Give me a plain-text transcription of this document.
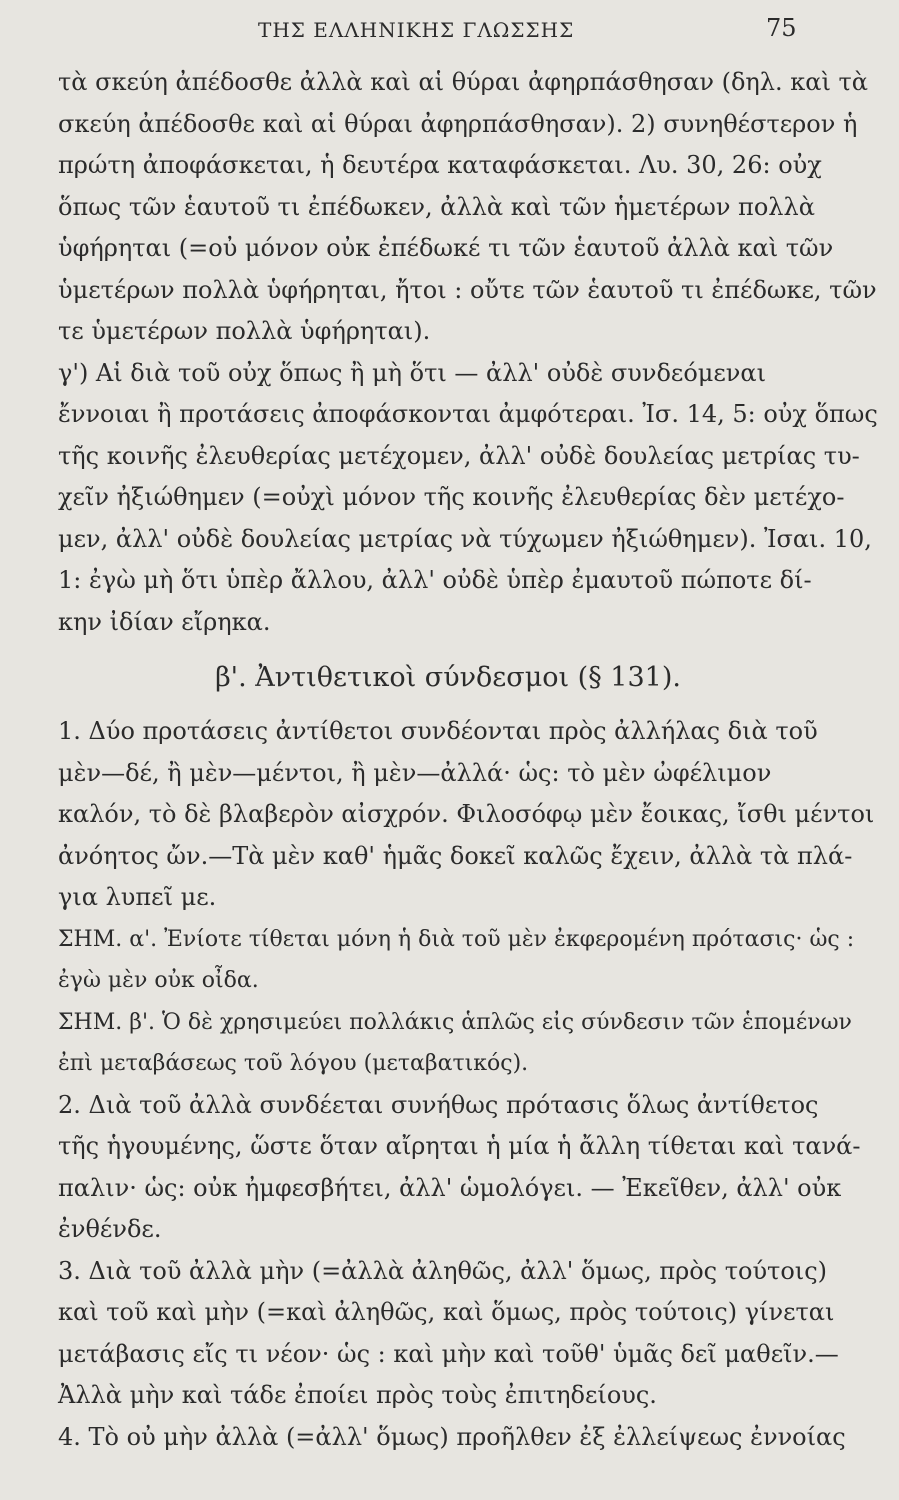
ΤΗΣ ΕΛΛΗΝΙΚΗΣ ΓΛΩΣΣΗΣ	75
τὰ σκεύη ἀπέδοσθε ἀλλὰ καὶ αἱ θύραι ἀφηρπάσθησαν (δηλ. καὶ τὰ
σκεύη ἀπέδοσθε καὶ αἱ θύραι ἀφηρπάσθησαν). 2) συνηθέστερον ἡ
πρώτη ἀποφάσκεται, ἡ δευτέρα καταφάσκεται. Λυ. 30, 26: οὐχ
ὅπως τῶν ἑαυτοῦ τι ἐπέδωκεν, ἀλλὰ καὶ τῶν ἡμετέρων πολλὰ
ὑφήρηται (=οὐ μόνον οὐκ ἐπέδωκέ τι τῶν ἑαυτοῦ ἀλλὰ καὶ τῶν
ὑμετέρων πολλὰ ὑφήρηται, ἤτοι : οὔτε τῶν ἑαυτοῦ τι ἐπέδωκε, τῶν
τε ὑμετέρων πολλὰ ὑφήρηται).
γ') Αἱ διὰ τοῦ οὐχ ὅπως ἢ μὴ ὅτι — ἀλλ' οὐδὲ συνδεόμεναι
ἔννοιαι ἢ προτάσεις ἀποφάσκονται ἀμφότεραι. Ἰσ. 14, 5: οὐχ ὅπως
τῆς κοινῆς ἐλευθερίας μετέχομεν, ἀλλ' οὐδὲ δουλείας μετρίας τυ-
χεῖν ἠξιώθημεν (=οὐχὶ μόνον τῆς κοινῆς ἐλευθερίας δὲν μετέχο-
μεν, ἀλλ' οὐδὲ δουλείας μετρίας νὰ τύχωμεν ἠξιώθημεν). Ἰσαι. 10,
1: ἐγὼ μὴ ὅτι ὑπὲρ ἄλλου, ἀλλ' οὐδὲ ὑπὲρ ἐμαυτοῦ πώποτε δί-
κην ἰδίαν εἴρηκα.
β'. Ἀντιθετικοὶ σύνδεσμοι (§ 131).
1. Δύο προτάσεις ἀντίθετοι συνδέονται πρὸς ἀλλήλας διὰ τοῦ
μὲν—δέ, ἢ μὲν—μέντοι, ἢ μὲν—ἀλλά· ὡς: τὸ μὲν ὠφέλιμον
καλόν, τὸ δὲ βλαβερὸν αἰσχρόν. Φιλοσόφῳ μὲν ἔοικας, ἴσθι μέντοι
ἀνόητος ὤν.—Τὰ μὲν καθ' ἡμᾶς δοκεῖ καλῶς ἔχειν, ἀλλὰ τὰ πλά-
για λυπεῖ με.
ΣΗΜ. α'. Ἐνίοτε τίθεται μόνη ἡ διὰ τοῦ μὲν ἐκφερομένη πρότασις· ὡς :
ἐγὼ μὲν οὐκ οἶδα.
ΣΗΜ. β'. Ὁ δὲ χρησιμεύει πολλάκις ἁπλῶς εἰς σύνδεσιν τῶν ἑπομένων
ἐπὶ μεταβάσεως τοῦ λόγου (μεταβατικός).
2. Διὰ τοῦ ἀλλὰ συνδέεται συνήθως πρότασις ὅλως ἀντίθετος
τῆς ἡγουμένης, ὥστε ὅταν αἴρηται ἡ μία ἡ ἄλλη τίθεται καὶ τανά-
παλιν· ὡς: οὐκ ἠμφεσβήτει, ἀλλ' ὡμολόγει. — Ἐκεῖθεν, ἀλλ' οὐκ
ἐνθένδε.
3. Διὰ τοῦ ἀλλὰ μὴν (=ἀλλὰ ἀληθῶς, ἀλλ' ὅμως, πρὸς τούτοις)
καὶ τοῦ καὶ μὴν (=καὶ ἀληθῶς, καὶ ὅμως, πρὸς τούτοις) γίνεται
μετάβασις εἴς τι νέον· ὡς : καὶ μὴν καὶ τοῦθ' ὑμᾶς δεῖ μαθεῖν.—
Ἀλλὰ μὴν καὶ τάδε ἐποίει πρὸς τοὺς ἐπιτηδείους.
4. Τὸ οὐ μὴν ἀλλὰ (=ἀλλ' ὅμως) προῆλθεν ἐξ ἐλλείψεως ἐννοίας
